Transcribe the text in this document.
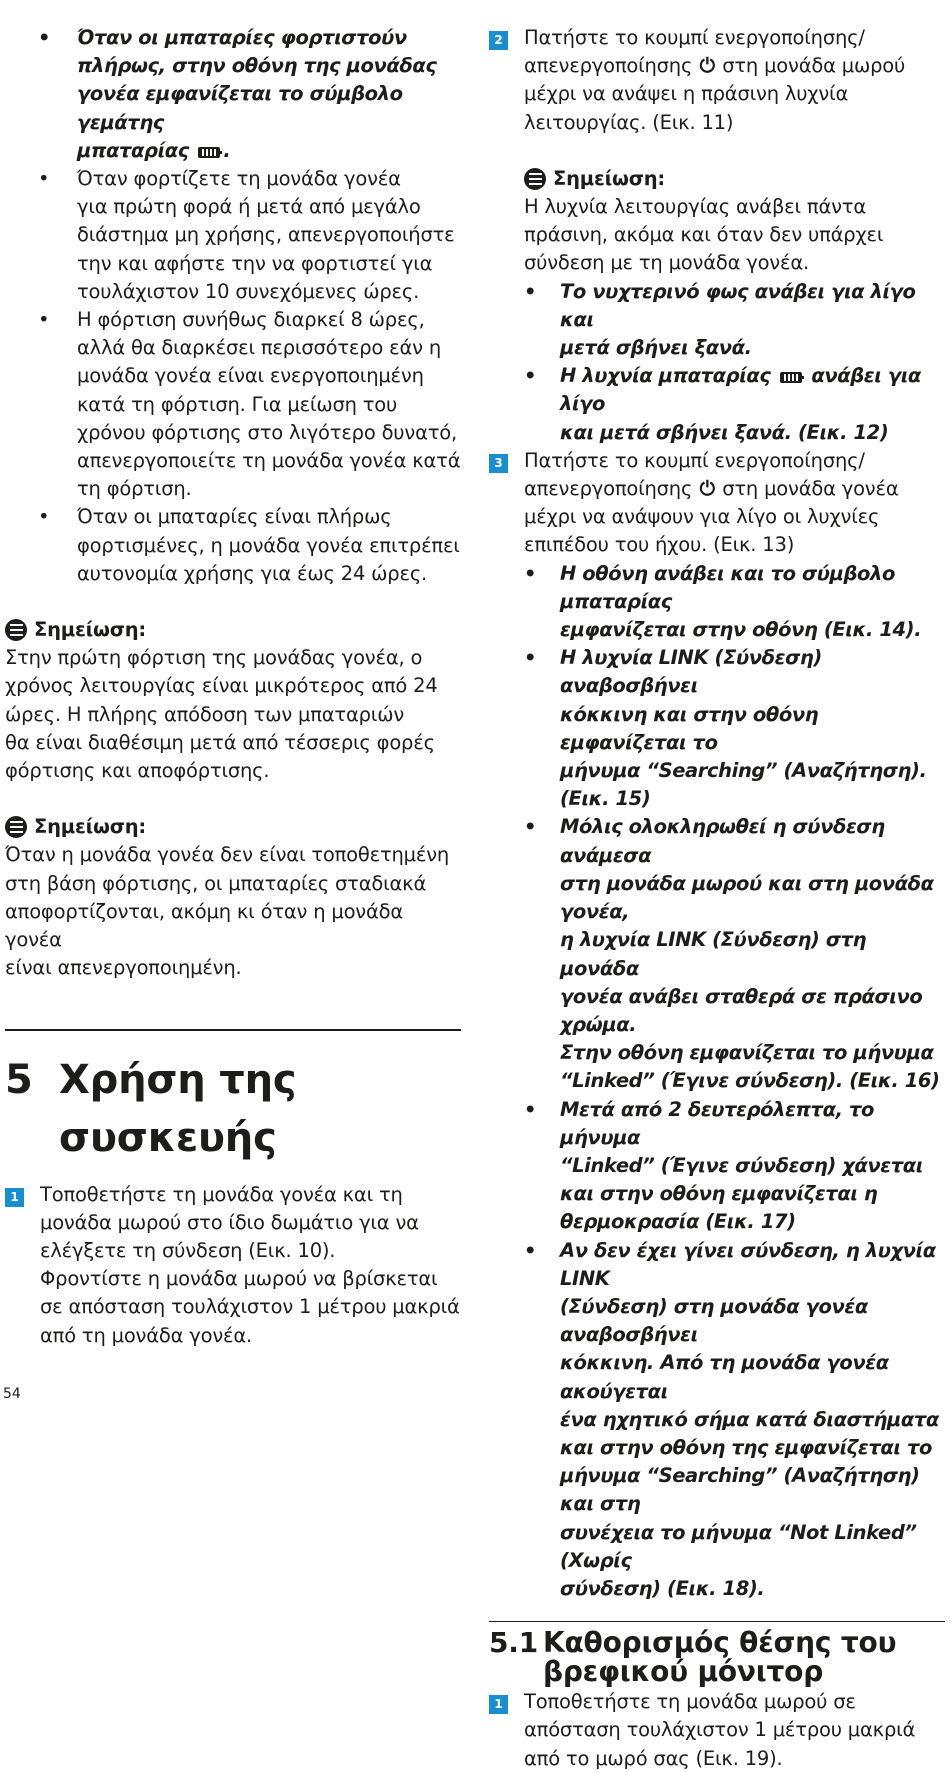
• Όταν οι μπαταρίες φορτιστούν
πλήρως, στην οθόνη της μονάδας
γονέα εμφανίζεται το σύμβολο γεμάτης
μπαταρίας .
• Όταν φορτίζετε τη μονάδα γονέα
για πρώτη φορά ή μετά από μεγάλο
διάστημα μη χρήσης, απενεργοποιήστε
την και αφήστε την να φορτιστεί για
τουλάχιστον 10 συνεχόμενες ώρες.
• Η φόρτιση συνήθως διαρκεί 8 ώρες,
αλλά θα διαρκέσει περισσότερο εάν η
μονάδα γονέα είναι ενεργοποιημένη
κατά τη φόρτιση. Για μείωση του
χρόνου φόρτισης στο λιγότερο δυνατό,
απενεργοποιείτε τη μονάδα γονέα κατά
τη φόρτιση.
• Όταν οι μπαταρίες είναι πλήρως
φορτισμένες, η μονάδα γονέα επιτρέπει
αυτονομία χρήσης για έως 24 ώρες.
Σημείωση:
Στην πρώτη φόρτιση της μονάδας γονέα, ο
χρόνος λειτουργίας είναι μικρότερος από 24
ώρες. Η πλήρης απόδοση των μπαταριών
θα είναι διαθέσιμη μετά από τέσσερις φορές
φόρτισης και αποφόρτισης.
Σημείωση:
Όταν η μονάδα γονέα δεν είναι τοποθετημένη
στη βάση φόρτισης, οι μπαταρίες σταδιακά
αποφορτίζονται, ακόμη κι όταν η μονάδα γονέα
είναι απενεργοποιημένη.
5 Χρήση της
συσκευής
1 Τοποθετήστε τη μονάδα γονέα και τη
μονάδα μωρού στο ίδιο δωμάτιο για να
ελέγξετε τη σύνδεση (Εικ. 10).
Φροντίστε η μονάδα μωρού να βρίσκεται
σε απόσταση τουλάχιστον 1 μέτρου μακριά
από τη μονάδα γονέα.
2 Πατήστε το κουμπί ενεργοποίησης/
απενεργοποίησης ⏻ στη μονάδα μωρού
μέχρι να ανάψει η πράσινη λυχνία
λειτουργίας. (Εικ. 11)
Σημείωση:
Η λυχνία λειτουργίας ανάβει πάντα
πράσινη, ακόμα και όταν δεν υπάρχει
σύνδεση με τη μονάδα γονέα.
• Το νυχτερινό φως ανάβει για λίγο και
μετά σβήνει ξανά.
• Η λυχνία μπαταρίας ανάβει για λίγο
και μετά σβήνει ξανά. (Εικ. 12)
3 Πατήστε το κουμπί ενεργοποίησης/
απενεργοποίησης ⏻ στη μονάδα γονέα
μέχρι να ανάψουν για λίγο οι λυχνίες
επιπέδου του ήχου. (Εικ. 13)
• Η οθόνη ανάβει και το σύμβολο μπαταρίας
εμφανίζεται στην οθόνη (Εικ. 14).
• Η λυχνία LINK (Σύνδεση) αναβοσβήνει
κόκκινη και στην οθόνη εμφανίζεται το
μήνυμα “Searching” (Αναζήτηση). (Εικ. 15)
• Μόλις ολοκληρωθεί η σύνδεση ανάμεσα
στη μονάδα μωρού και στη μονάδα γονέα,
η λυχνία LINK (Σύνδεση) στη μονάδα
γονέα ανάβει σταθερά σε πράσινο χρώμα.
Στην οθόνη εμφανίζεται το μήνυμα
“Linked” (Έγινε σύνδεση). (Εικ. 16)
• Μετά από 2 δευτερόλεπτα, το μήνυμα
“Linked” (Έγινε σύνδεση) χάνεται
και στην οθόνη εμφανίζεται η
θερμοκρασία (Εικ. 17)
• Αν δεν έχει γίνει σύνδεση, η λυχνία LINK
(Σύνδεση) στη μονάδα γονέα αναβοσβήνει
κόκκινη. Από τη μονάδα γονέα ακούγεται
ένα ηχητικό σήμα κατά διαστήματα
και στην οθόνη της εμφανίζεται το
μήνυμα “Searching” (Αναζήτηση) και στη
συνέχεια το μήνυμα “Not Linked” (Χωρίς
σύνδεση) (Εικ. 18).
5.1 Καθορισμός θέσης του
βρεφικού μόνιτορ
1 Τοποθετήστε τη μονάδα μωρού σε
απόσταση τουλάχιστον 1 μέτρου μακριά
από το μωρό σας (Εικ. 19).
54
